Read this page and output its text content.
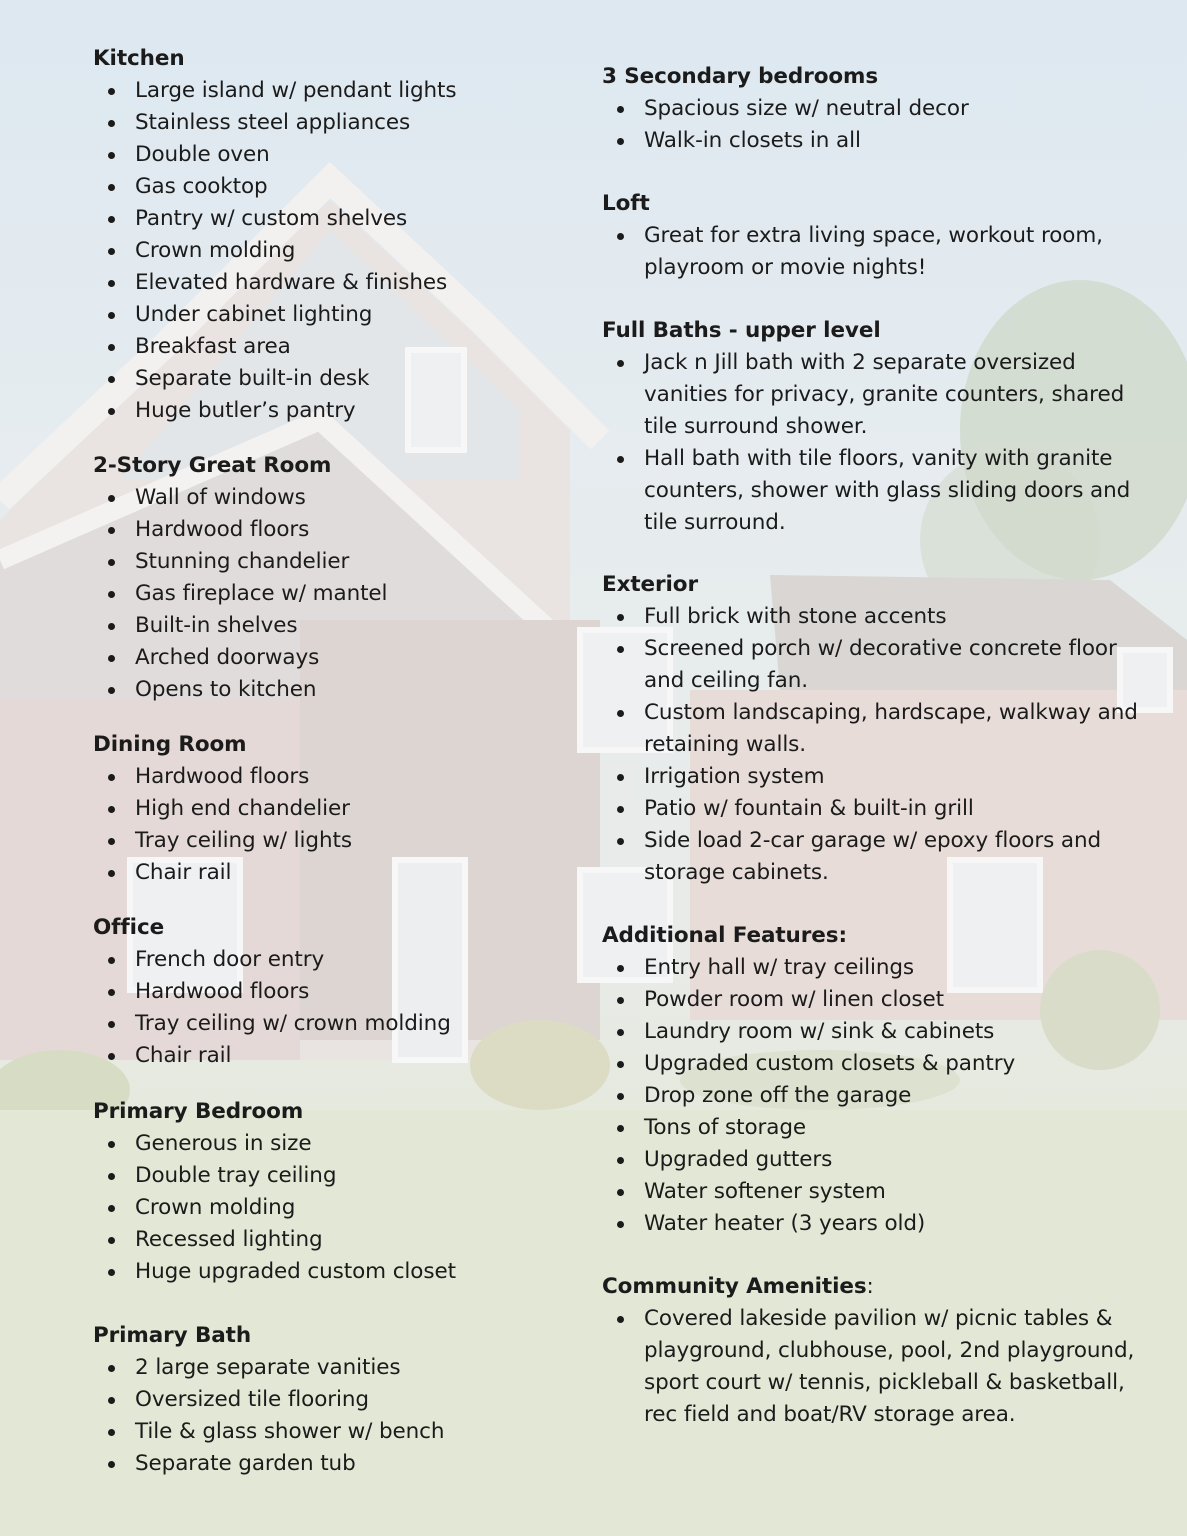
Kitchen
Large island w/ pendant lights
Stainless steel appliances
Double oven
Gas cooktop
Pantry w/ custom shelves
Crown molding
Elevated hardware & finishes
Under cabinet lighting
Breakfast area
Separate built-in desk
Huge butler’s pantry
2-Story Great Room
Wall of windows
Hardwood floors
Stunning chandelier
Gas fireplace w/ mantel
Built-in shelves
Arched doorways
Opens to kitchen
Dining Room
Hardwood floors
High end chandelier
Tray ceiling w/ lights
Chair rail
Office
French door entry
Hardwood floors
Tray ceiling w/ crown molding
Chair rail
Primary Bedroom
Generous in size
Double tray ceiling
Crown molding
Recessed lighting
Huge upgraded custom closet
Primary Bath
2 large separate vanities
Oversized tile flooring
Tile & glass shower w/ bench
Separate garden tub
3 Secondary bedrooms
Spacious size w/ neutral decor
Walk-in closets in all
Loft
Great for extra living space, workout room, playroom or movie nights!
Full Baths - upper level
Jack n Jill bath with 2 separate oversized vanities for privacy, granite counters, shared tile surround shower.
Hall bath with tile floors, vanity with granite counters, shower with glass sliding doors and tile surround.
Exterior
Full brick with stone accents
Screened porch w/ decorative concrete floor and ceiling fan.
Custom landscaping, hardscape, walkway and retaining walls.
Irrigation system
Patio w/ fountain & built-in grill
Side load 2-car garage w/ epoxy floors and storage cabinets.
Additional Features:
Entry hall w/ tray ceilings
Powder room w/ linen closet
Laundry room w/ sink & cabinets
Upgraded custom closets & pantry
Drop zone off the garage
Tons of storage
Upgraded gutters
Water softener system
Water heater (3 years old)
Community Amenities:
Covered lakeside pavilion w/ picnic tables & playground, clubhouse, pool, 2nd playground, sport court w/ tennis, pickleball & basketball, rec field and boat/RV storage area.
